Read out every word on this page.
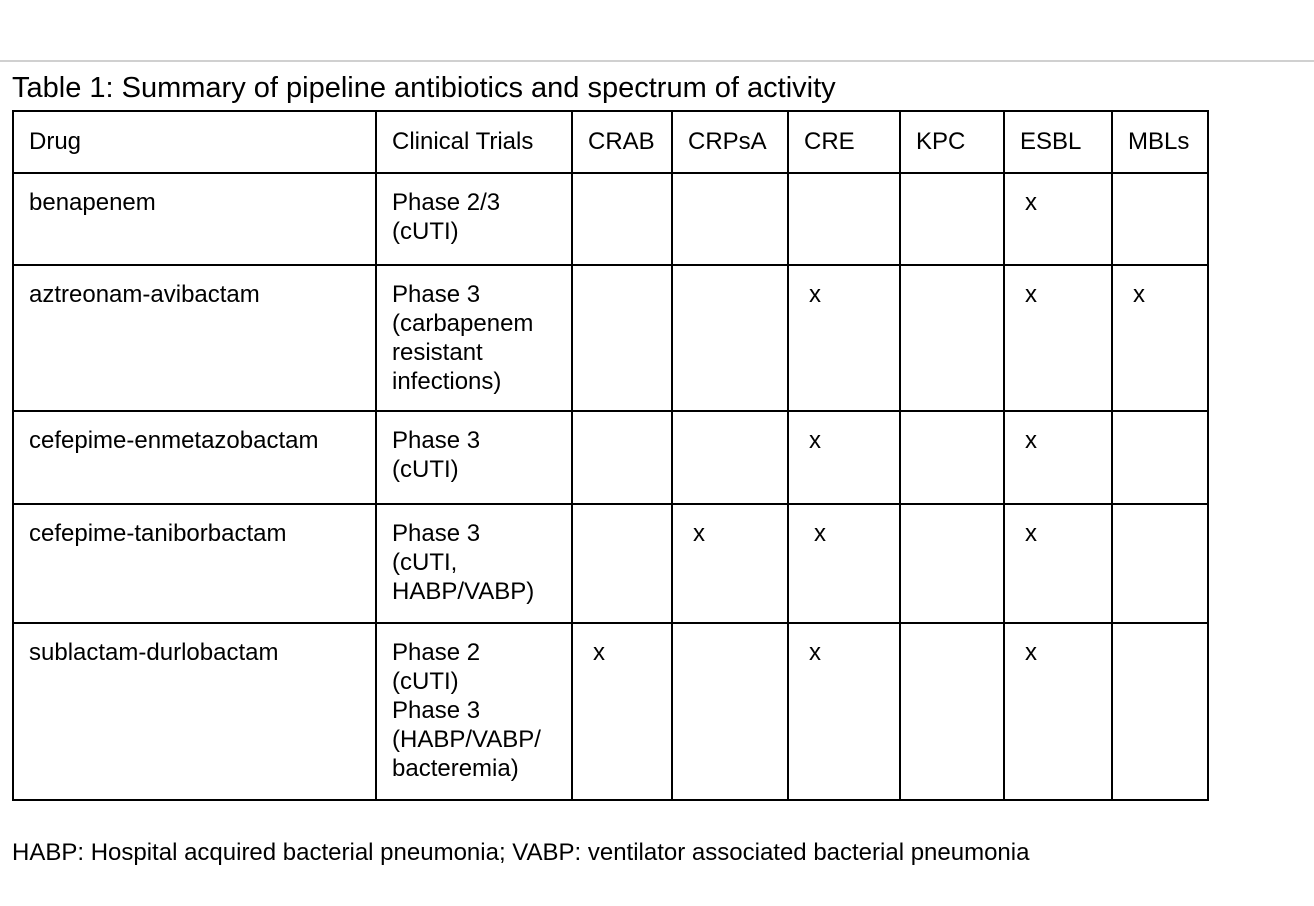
Table 1: Summary of pipeline antibiotics and spectrum of activity
Drug	Clinical Trials	CRAB	CRPsA	CRE	KPC	ESBL	MBLs
benapenem	Phase 2/3
(cUTI)					x	
aztreonam-avibactam	Phase 3
(carbapenem
resistant
infections)			x		x	x
cefepime-enmetazobactam	Phase 3
(cUTI)			x		x	
cefepime-taniborbactam	Phase 3
(cUTI,
HABP/VABP)		x	x		x	
sublactam-durlobactam	Phase 2
(cUTI)
Phase 3
(HABP/VABP/
bacteremia)	x		x		x	
HABP: Hospital acquired bacterial pneumonia; VABP: ventilator associated bacterial pneumonia
